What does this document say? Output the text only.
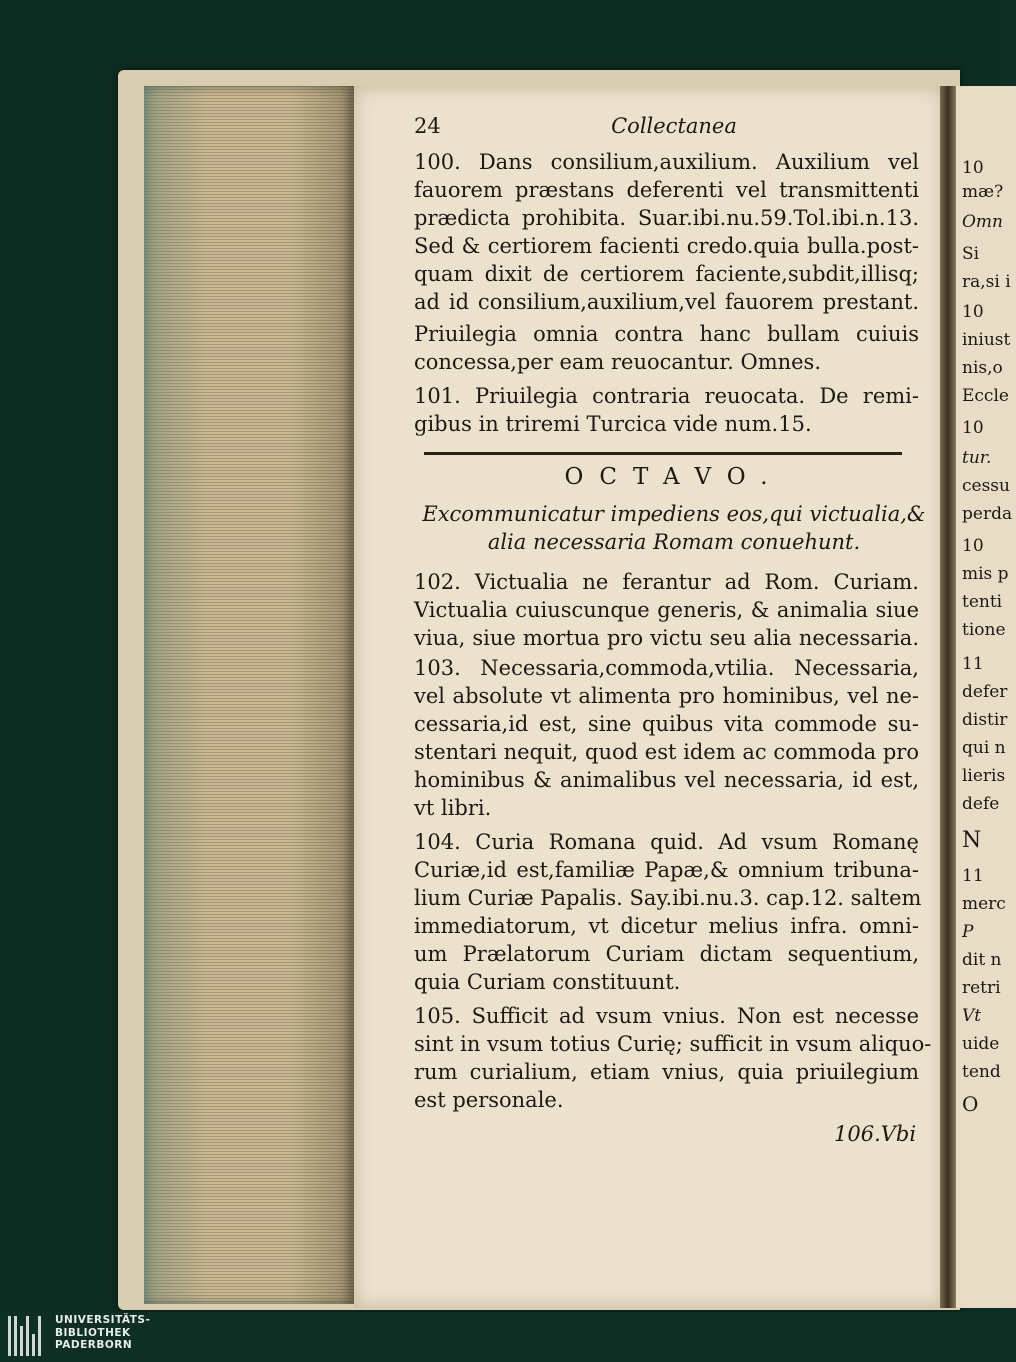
24	Collectanea
100. Dans consilium,auxilium. Auxilium vel
fauorem præstans deferenti vel transmittenti
prædicta prohibita. Suar.ibi.nu.59.Tol.ibi.n.13.
Sed & certiorem facienti credo.quia bulla.post-
quam dixit de certiorem faciente,subdit,illisq;
ad id consilium,auxilium,vel fauorem prestant.
Priuilegia omnia contra hanc bullam cuiuis
concessa,per eam reuocantur. Omnes.
101. Priuilegia contraria reuocata. De remi-
gibus in triremi Turcica vide num.15.
OCTAVO.
Excommunicatur impediens eos,qui victualia,&
alia necessaria Romam conuehunt.
102. Victualia ne ferantur ad Rom. Curiam.
Victualia cuiuscunque generis, & animalia siue
viua, siue mortua pro victu seu alia necessaria.
103. Necessaria,commoda,vtilia. Necessaria,
vel absolute vt alimenta pro hominibus, vel ne-
cessaria,id est, sine quibus vita commode su-
stentari nequit, quod est idem ac commoda pro
hominibus & animalibus vel necessaria, id est,
vt libri.
104. Curia Romana quid. Ad vsum Romanę
Curiæ,id est,familiæ Papæ,& omnium tribuna-
lium Curiæ Papalis. Say.ibi.nu.3. cap.12. saltem
immediatorum, vt dicetur melius infra. omni-
um Prælatorum Curiam dictam sequentium,
quia Curiam constituunt.
105. Sufficit ad vsum vnius. Non est necesse
sint in vsum totius Curię; sufficit in vsum aliquo-
rum curialium, etiam vnius, quia priuilegium
est personale.
106.Vbi
10
mæ?
Omn
Si
ra,si i
10
iniust
nis,o
Eccle
10
tur.
cessu
perda
10
mis p
tenti
tione
11
defer
distir
qui n
lieris
defe
N
11
merc
P
dit n
retri
Vt
uide
tend
O
UNIVERSITÄTS-
BIBLIOTHEK
PADERBORN
